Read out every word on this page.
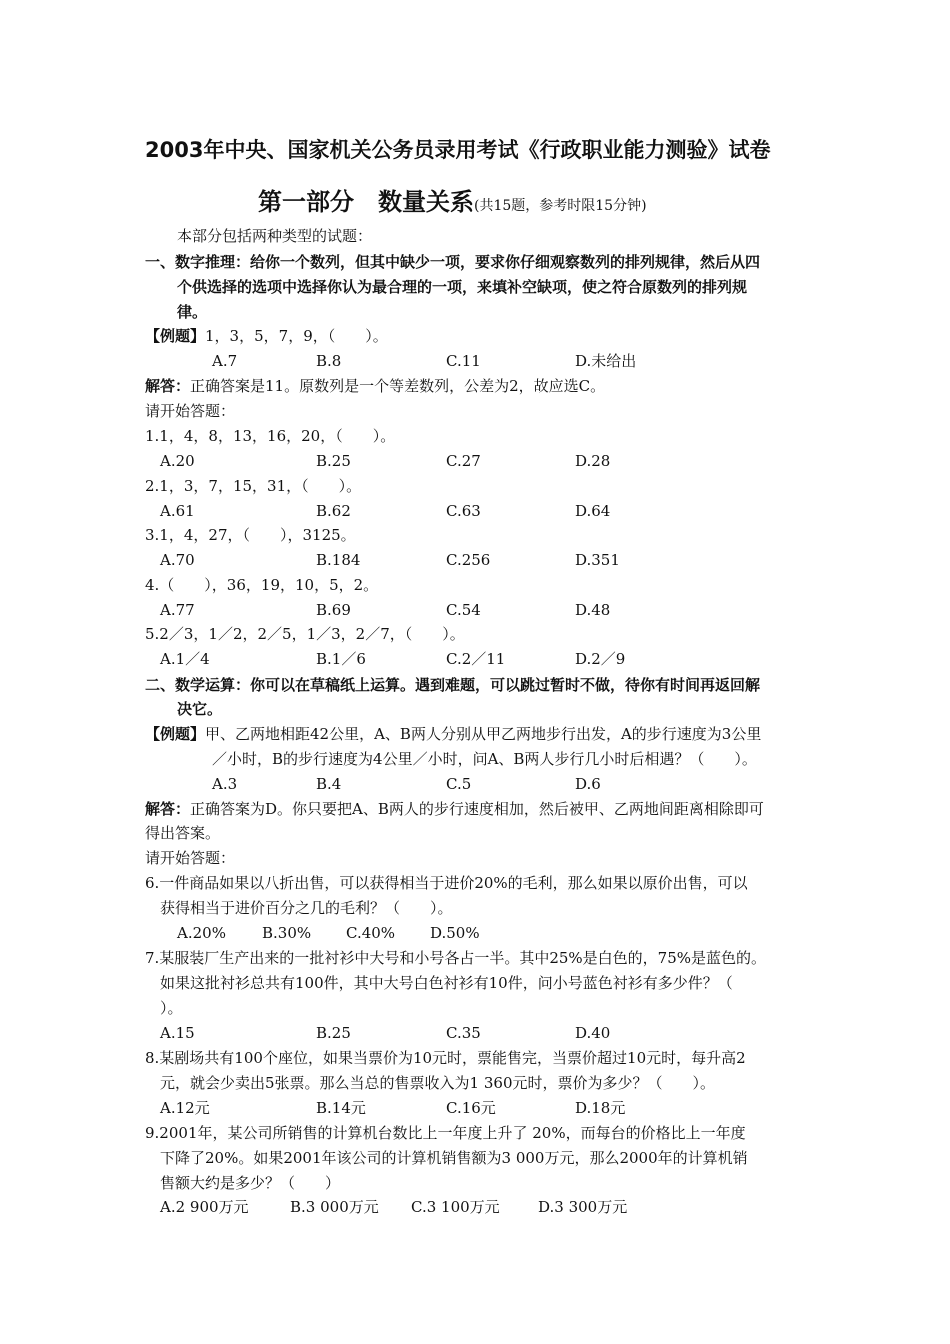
2003年中央、国家机关公务员录用考试《行政职业能力测验》试卷
第一部分　数量关系(共15题，参考时限15分钟)
本部分包括两种类型的试题：
一、数字推理：给你一个数列，但其中缺少一项，要求你仔细观察数列的排列规律，然后从四
个供选择的选项中选择你认为最合理的一项，来填补空缺项，使之符合原数列的排列规
律。
【例题】1，3，5，7，9，（　　）。
A.7	B.8	C.11	D.未给出
解答：正确答案是11。原数列是一个等差数列，公差为2，故应选C。
请开始答题：
1.1，4，8，13，16，20，（　　）。
A.20	B.25	C.27	D.28
2.1，3，7，15，31，（　　）。
A.61	B.62	C.63	D.64
3.1，4，27，（　　），3125。
A.70	B.184	C.256	D.351
4.（　　），36，19，10，5，2。
A.77	B.69	C.54	D.48
5.2／3，1／2，2／5，1／3，2／7，（　　）。
A.1／4	B.1／6	C.2／11	D.2／9
二、数学运算：你可以在草稿纸上运算。遇到难题，可以跳过暂时不做，待你有时间再返回解
决它。
【例题】甲、乙两地相距42公里，A、B两人分别从甲乙两地步行出发，A的步行速度为3公里
／小时，B的步行速度为4公里／小时，问A、B两人步行几小时后相遇？（　　）。
A.3	B.4	C.5	D.6
解答：正确答案为D。你只要把A、B两人的步行速度相加，然后被甲、乙两地间距离相除即可
得出答案。
请开始答题：
6.一件商品如果以八折出售，可以获得相当于进价20%的毛利，那么如果以原价出售，可以
获得相当于进价百分之几的毛利？（　　）。
A.20% B.30% C.40% D.50%
7.某服装厂生产出来的一批衬衫中大号和小号各占一半。其中25%是白色的，75%是蓝色的。
如果这批衬衫总共有100件，其中大号白色衬衫有10件，问小号蓝色衬衫有多少件？（
）。
A.15	B.25	C.35	D.40
8.某剧场共有100个座位，如果当票价为10元时，票能售完，当票价超过10元时，每升高2
元，就会少卖出5张票。那么当总的售票收入为1 360元时，票价为多少？（　　）。
A.12元	B.14元	C.16元	D.18元
9.2001年，某公司所销售的计算机台数比上一年度上升了 20%，而每台的价格比上一年度
下降了20%。如果2001年该公司的计算机销售额为3 000万元，那么2000年的计算机销
售额大约是多少？（　　）
A.2 900万元	B.3 000万元 C.3 100万元	D.3 300万元
